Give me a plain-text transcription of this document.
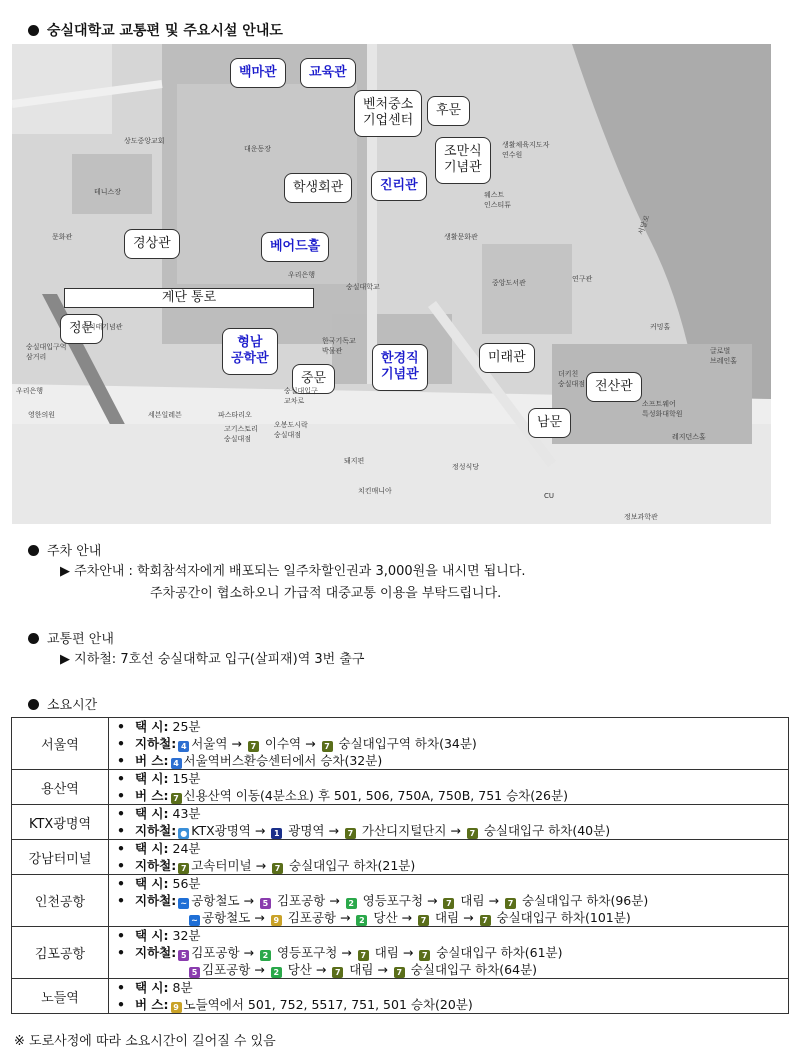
숭실대학교 교통편 및 주요시설 안내도
백마관	교육관
벤처중소
기업센터
후문
조만식
기념관
학생회관	진리관
경상관	베어드홀
계단 통로
정문
형남
공학관	한경직
기념관
미래관
중문
전산관
남문
상도중앙교회
테니스장
대운동장	생활체육지도자
연수원
웨스트
인스티튜
문화관	생활문화관
연구관
중앙도서관
숭실대학교
우리은행
한국기독교
박물관
커밍홀
글로벌
브레인홀
더키친
숭실대점
소프트웨어
특성화대학원
레지던스홀
숭실대입구역
삼거리
우리은행
영한의원	세븐일레븐	파스타리오
숭실대입구
교차로
고기스토리
숭실대점
오봉도시락
숭실대점
돼지편
정성식당
치킨매니아
CU
정보과학관
안익태기념관
서달로
주차 안내
▶ 주차안내 : 학회참석자에게 배포되는 일주차할인권과 3,000원을 내시면 됩니다.
주차공간이 협소하오니 가급적 대중교통 이용을 부탁드립니다.
교통편 안내
▶ 지하철: 7호선 숭실대학교 입구(살피재)역 3번 출구
소요시간
서울역	• 택 시: 25분
• 지하철: 4 서울역 → 7 이수역 → 7 숭실대입구역 하차(34분)
• 버 스: 4 서울역버스환승센터에서 승차(32분)

용산역	• 택 시: 15분
• 버 스: 7 신용산역 이동(4분소요) 후 501, 506, 750A, 750B, 751 승차(26분)

KTX광명역	• 택 시: 43분
• 지하철: ● KTX광명역 → 1 광명역 → 7 가산디지털단지 → 7 숭실대입구 하차(40분)

강남터미널	• 택 시: 24분
• 지하철: 7 고속터미널 → 7 숭실대입구 하차(21분)

인천공항	• 택 시: 56분
• 지하철: ~ 공항철도 → 5 김포공항 → 2 영등포구청 → 7 대림 → 7 숭실대입구 하차(96분)
~ 공항철도 → 9 김포공항 → 2 당산 → 7 대림 → 7 숭실대입구 하차(101분)

김포공항	• 택 시: 32분
• 지하철: 5 김포공항 → 2 영등포구청 → 7 대림 → 7 숭실대입구 하차(61분)
5 김포공항 → 2 당산 → 7 대림 → 7 숭실대입구 하차(64분)

노들역	• 택 시: 8분
• 버 스: 9 노들역에서 501, 752, 5517, 751, 501 승차(20분)
※ 도로사정에 따라 소요시간이 길어질 수 있음
